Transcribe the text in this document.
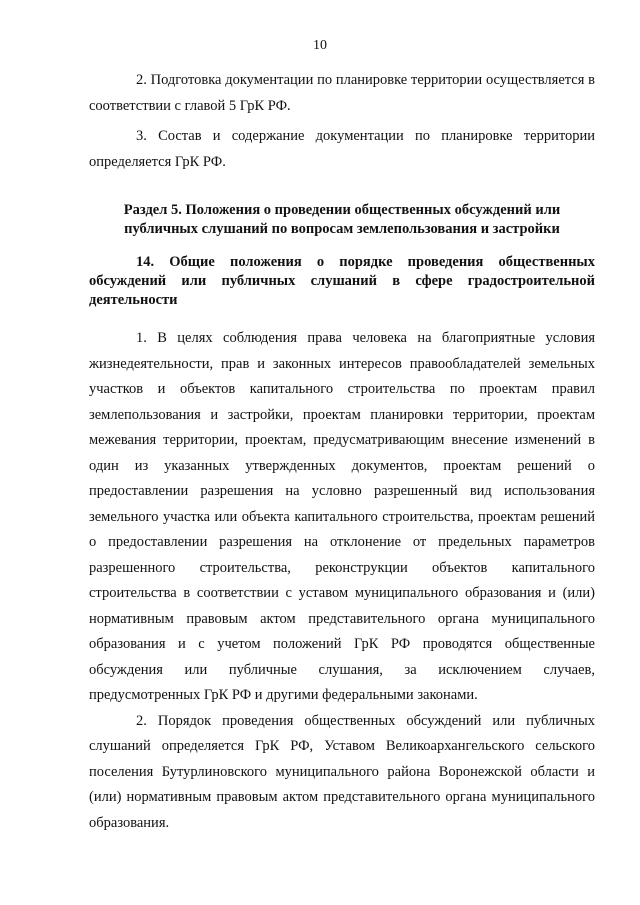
10

2. Подготовка документации по планировке территории осуществляется в соответствии с главой 5 ГрК РФ.

3. Состав и содержание документации по планировке территории определяется ГрК РФ.

Раздел 5. Положения о проведении общественных обсуждений или публичных слушаний по вопросам землепользования и застройки

14. Общие положения о порядке проведения общественных обсуждений или публичных слушаний в сфере градостроительной деятельности

1. В целях соблюдения права человека на благоприятные условия жизнедеятельности, прав и законных интересов правообладателей земельных участков и объектов капитального строительства по проектам правил землепользования и застройки, проектам планировки территории, проектам межевания территории, проектам, предусматривающим внесение изменений в один из указанных утвержденных документов, проектам решений о предоставлении разрешения на условно разрешенный вид использования земельного участка или объекта капитального строительства, проектам решений о предоставлении разрешения на отклонение от предельных параметров разрешенного строительства, реконструкции объектов капитального строительства в соответствии с уставом муниципального образования и (или) нормативным правовым актом представительного органа муниципального образования и с учетом положений ГрК РФ проводятся общественные обсуждения или публичные слушания, за исключением случаев, предусмотренных ГрК РФ и другими федеральными законами.

2. Порядок проведения общественных обсуждений или публичных слушаний определяется ГрК РФ, Уставом Великоархангельского сельского поселения Бутурлиновского муниципального района Воронежской области и (или) нормативным правовым актом представительного органа муниципального образования.
